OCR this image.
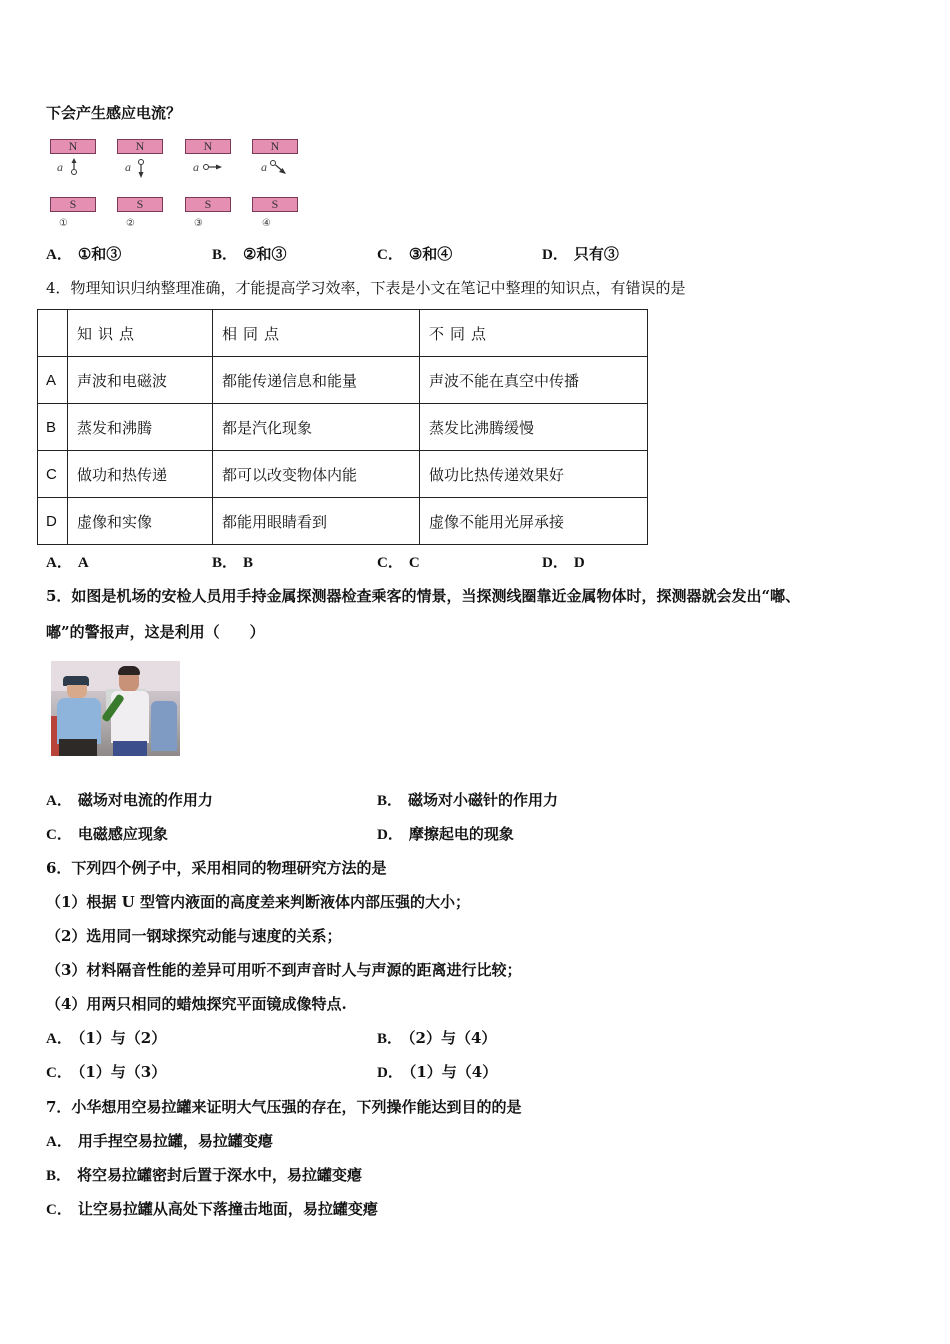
下会产生感应电流？
N
a
S
①
N
a
S
②
N
a
S
③
N
a
S
④
A． ①和③	B． ②和③	C． ③和④	D． 只有③
4．物理知识归纳整理准确，才能提高学习效率，下表是小文在笔记中整理的知识点，有错误的是
	知识点	相同点	不同点
A	声波和电磁波	都能传递信息和能量	声波不能在真空中传播
B	蒸发和沸腾	都是汽化现象	蒸发比沸腾缓慢
C	做功和热传递	都可以改变物体内能	做功比热传递效果好
D	虚像和实像	都能用眼睛看到	虚像不能用光屏承接
A． A	B． B	C． C	D． D
5．如图是机场的安检人员用手持金属探测器检查乘客的情景，当探测线圈靠近金属物体时，探测器就会发出“嘟、
嘟”的警报声，这是利用（　　）
A． 磁场对电流的作用力	B． 磁场对小磁针的作用力
C． 电磁感应现象	D． 摩擦起电的现象
6．下列四个例子中，采用相同的物理研究方法的是
（1）根据 U 型管内液面的高度差来判断液体内部压强的大小；
（2）选用同一钢球探究动能与速度的关系；
（3）材料隔音性能的差异可用听不到声音时人与声源的距离进行比较；
（4）用两只相同的蜡烛探究平面镜成像特点.
A． （1）与（2）	B． （2）与（4）
C． （1）与（3）	D． （1）与（4）
7．小华想用空易拉罐来证明大气压强的存在，下列操作能达到目的的是
A． 用手捏空易拉罐，易拉罐变瘪
B． 将空易拉罐密封后置于深水中，易拉罐变瘪
C． 让空易拉罐从高处下落撞击地面，易拉罐变瘪
